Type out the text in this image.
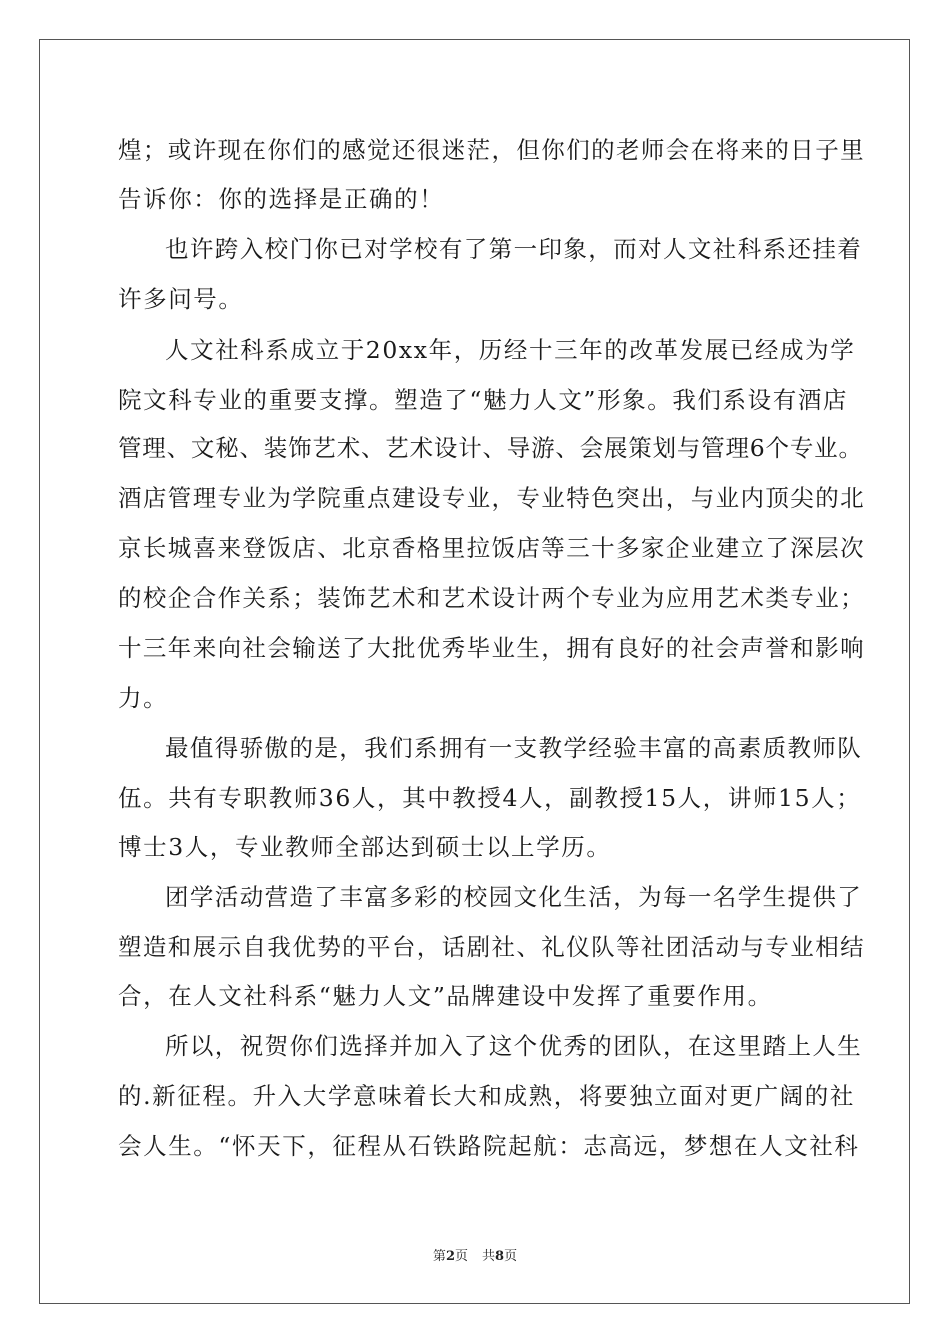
煌；或许现在你们的感觉还很迷茫，但你们的老师会在将来的日子里
告诉你：你的选择是正确的！
也许跨入校门你已对学校有了第一印象，而对人文社科系还挂着
许多问号。
人文社科系成立于20xx年，历经十三年的改革发展已经成为学
院文科专业的重要支撑。塑造了“魅力人文”形象。我们系设有酒店
管理、文秘、装饰艺术、艺术设计、导游、会展策划与管理6个专业。
酒店管理专业为学院重点建设专业，专业特色突出，与业内顶尖的北
京长城喜来登饭店、北京香格里拉饭店等三十多家企业建立了深层次
的校企合作关系；装饰艺术和艺术设计两个专业为应用艺术类专业；
十三年来向社会输送了大批优秀毕业生，拥有良好的社会声誉和影响
力。
最值得骄傲的是，我们系拥有一支教学经验丰富的高素质教师队
伍。共有专职教师36人，其中教授4人，副教授15人，讲师15人；
博士3人，专业教师全部达到硕士以上学历。
团学活动营造了丰富多彩的校园文化生活，为每一名学生提供了
塑造和展示自我优势的平台，话剧社、礼仪队等社团活动与专业相结
合，在人文社科系“魅力人文”品牌建设中发挥了重要作用。
所以，祝贺你们选择并加入了这个优秀的团队，在这里踏上人生
的.新征程。升入大学意味着长大和成熟，将要独立面对更广阔的社
会人生。“怀天下，征程从石铁路院起航：志高远，梦想在人文社科
第2页 共8页
